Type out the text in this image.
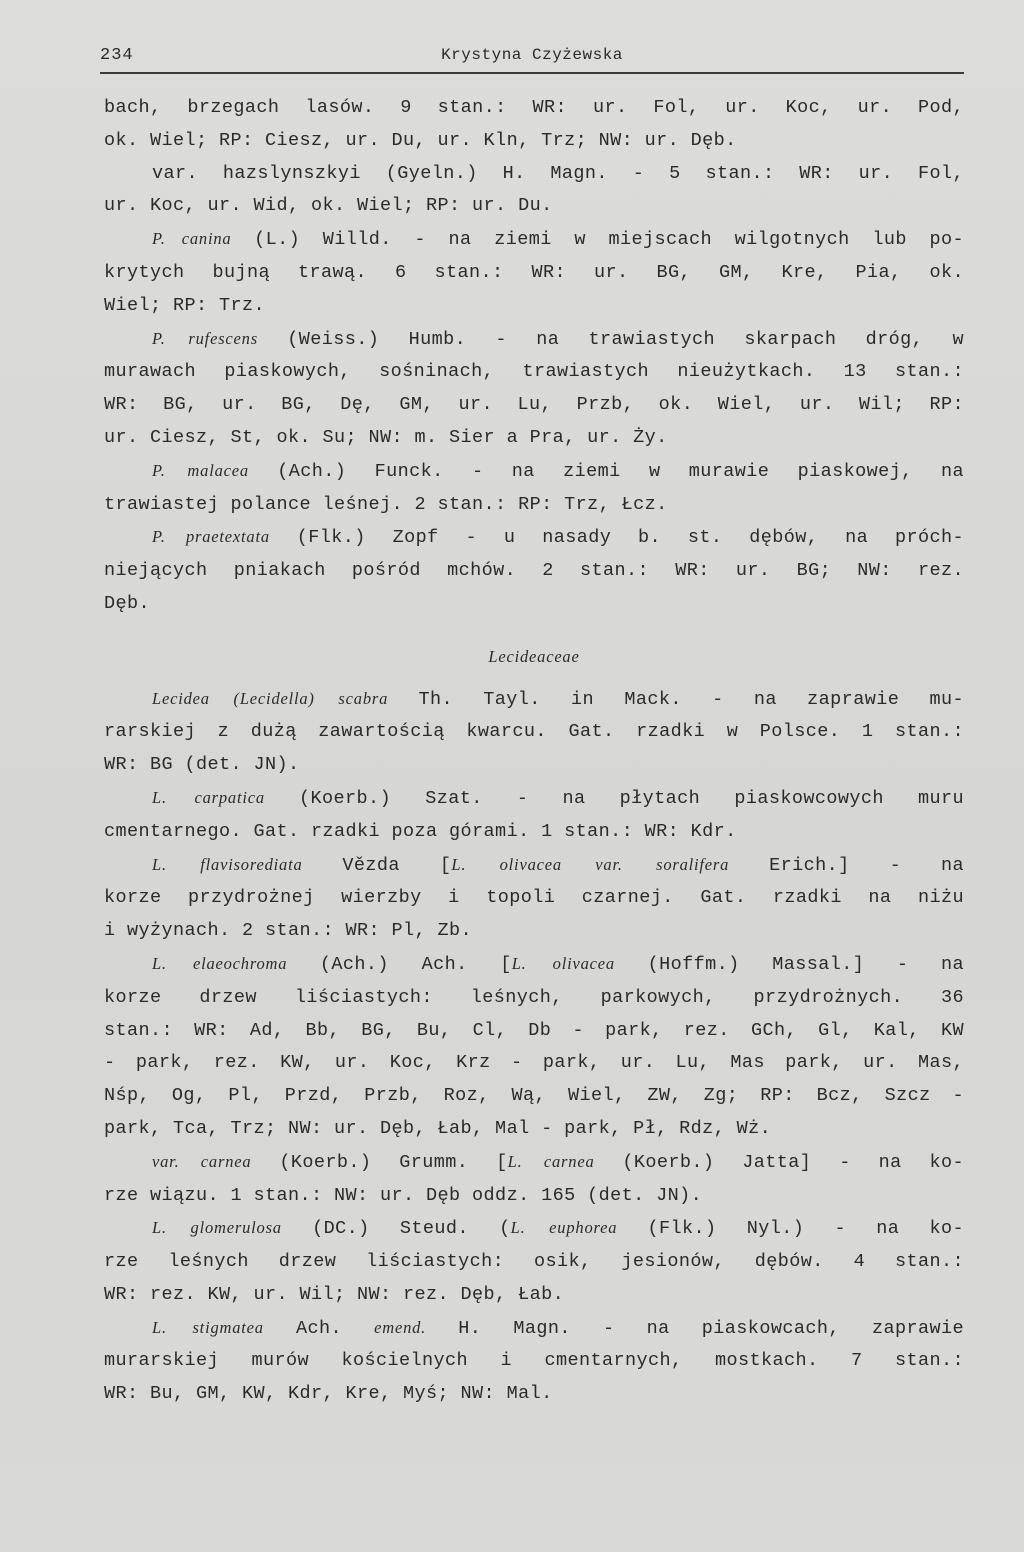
234	Krystyna Czyżewska
bach, brzegach lasów. 9 stan.: WR: ur. Fol, ur. Koc, ur. Pod,
ok. Wiel; RP: Ciesz, ur. Du, ur. Kln, Trz; NW: ur. Dęb.
var. hazslynszkyi (Gyeln.) H. Magn. - 5 stan.: WR: ur. Fol,
ur. Koc, ur. Wid, ok. Wiel; RP: ur. Du.
P. canina (L.) Willd. - na ziemi w miejscach wilgotnych lub po-
krytych bujną trawą. 6 stan.: WR: ur. BG, GM, Kre, Pia, ok.
Wiel; RP: Trz.
P. rufescens (Weiss.) Humb. - na trawiastych skarpach dróg, w
murawach piaskowych, sośninach, trawiastych nieużytkach. 13 stan.:
WR: BG, ur. BG, Dę, GM, ur. Lu, Przb, ok. Wiel, ur. Wil; RP:
ur. Ciesz, St, ok. Su; NW: m. Sier a Pra, ur. Ży.
P. malacea (Ach.) Funck. - na ziemi w murawie piaskowej, na
trawiastej polance leśnej. 2 stan.: RP: Trz, Łcz.
P. praetextata (Flk.) Zopf - u nasady b. st. dębów, na próch-
niejących pniakach pośród mchów. 2 stan.: WR: ur. BG; NW: rez.
Dęb.
Lecideaceae
Lecidea (Lecidella) scabra Th. Tayl. in Mack. - na zaprawie mu-
rarskiej z dużą zawartością kwarcu. Gat. rzadki w Polsce. 1 stan.:
WR: BG (det. JN).
L. carpatica (Koerb.) Szat. - na płytach piaskowcowych muru
cmentarnego. Gat. rzadki poza górami. 1 stan.: WR: Kdr.
L. flavisorediata Vězda [L. olivacea var. soralifera Erich.] - na
korze przydrożnej wierzby i topoli czarnej. Gat. rzadki na niżu
i wyżynach. 2 stan.: WR: Pl, Zb.
L. elaeochroma (Ach.) Ach. [L. olivacea (Hoffm.) Massal.] - na
korze drzew liściastych: leśnych, parkowych, przydrożnych. 36
stan.: WR: Ad, Bb, BG, Bu, Cl, Db - park, rez. GCh, Gl, Kal, KW
- park, rez. KW, ur. Koc, Krz - park, ur. Lu, Mas park, ur. Mas,
Nśp, Og, Pl, Przd, Przb, Roz, Wą, Wiel, ZW, Zg; RP: Bcz, Szcz -
park, Tca, Trz; NW: ur. Dęb, Łab, Mal - park, Pł, Rdz, Wż.
var. carnea (Koerb.) Grumm. [L. carnea (Koerb.) Jatta] - na ko-
rze wiązu. 1 stan.: NW: ur. Dęb oddz. 165 (det. JN).
L. glomerulosa (DC.) Steud. (L. euphorea (Flk.) Nyl.) - na ko-
rze leśnych drzew liściastych: osik, jesionów, dębów. 4 stan.:
WR: rez. KW, ur. Wil; NW: rez. Dęb, Łab.
L. stigmatea Ach. emend. H. Magn. - na piaskowcach, zaprawie
murarskiej murów kościelnych i cmentarnych, mostkach. 7 stan.:
WR: Bu, GM, KW, Kdr, Kre, Myś; NW: Mal.
